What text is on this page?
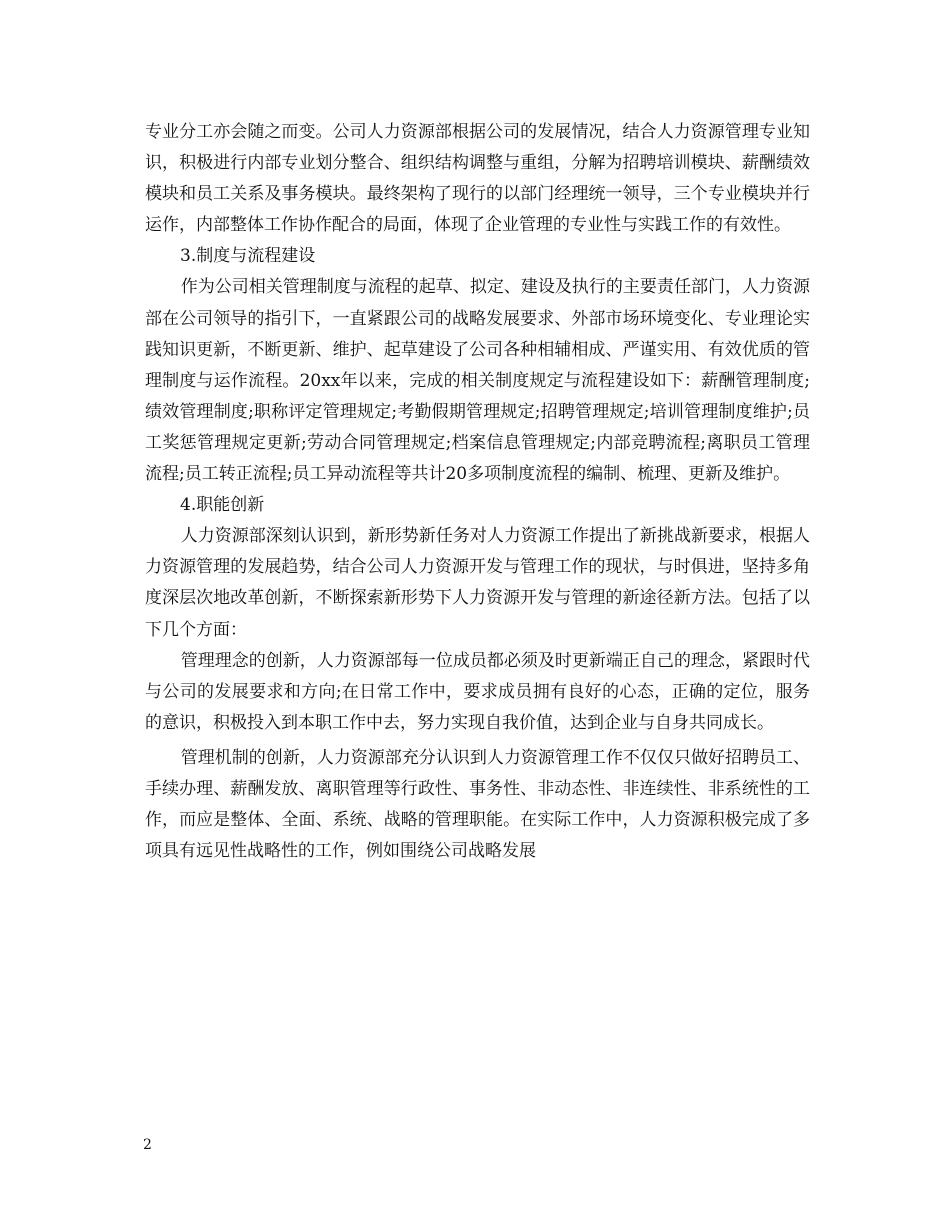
专业分工亦会随之而变。公司人力资源部根据公司的发展情况，结合人力资源管理专业知识，积极进行内部专业划分整合、组织结构调整与重组，分解为招聘培训模块、薪酬绩效模块和员工关系及事务模块。最终架构了现行的以部门经理统一领导，三个专业模块并行运作，内部整体工作协作配合的局面，体现了企业管理的专业性与实践工作的有效性。

3.制度与流程建设

作为公司相关管理制度与流程的起草、拟定、建设及执行的主要责任部门，人力资源部在公司领导的指引下，一直紧跟公司的战略发展要求、外部市场环境变化、专业理论实践知识更新，不断更新、维护、起草建设了公司各种相辅相成、严谨实用、有效优质的管理制度与运作流程。20xx年以来，完成的相关制度规定与流程建设如下：薪酬管理制度;绩效管理制度;职称评定管理规定;考勤假期管理规定;招聘管理规定;培训管理制度维护;员工奖惩管理规定更新;劳动合同管理规定;档案信息管理规定;内部竞聘流程;离职员工管理流程;员工转正流程;员工异动流程等共计20多项制度流程的编制、梳理、更新及维护。

4.职能创新

人力资源部深刻认识到，新形势新任务对人力资源工作提出了新挑战新要求，根据人力资源管理的发展趋势，结合公司人力资源开发与管理工作的现状，与时俱进，坚持多角度深层次地改革创新，不断探索新形势下人力资源开发与管理的新途径新方法。包括了以下几个方面：

管理理念的创新，人力资源部每一位成员都必须及时更新端正自己的理念，紧跟时代与公司的发展要求和方向;在日常工作中，要求成员拥有良好的心态，正确的定位，服务的意识，积极投入到本职工作中去，努力实现自我价值，达到企业与自身共同成长。

管理机制的创新，人力资源部充分认识到人力资源管理工作不仅仅只做好招聘员工、手续办理、薪酬发放、离职管理等行政性、事务性、非动态性、非连续性、非系统性的工作，而应是整体、全面、系统、战略的管理职能。在实际工作中，人力资源积极完成了多项具有远见性战略性的工作，例如围绕公司战略发展

2
